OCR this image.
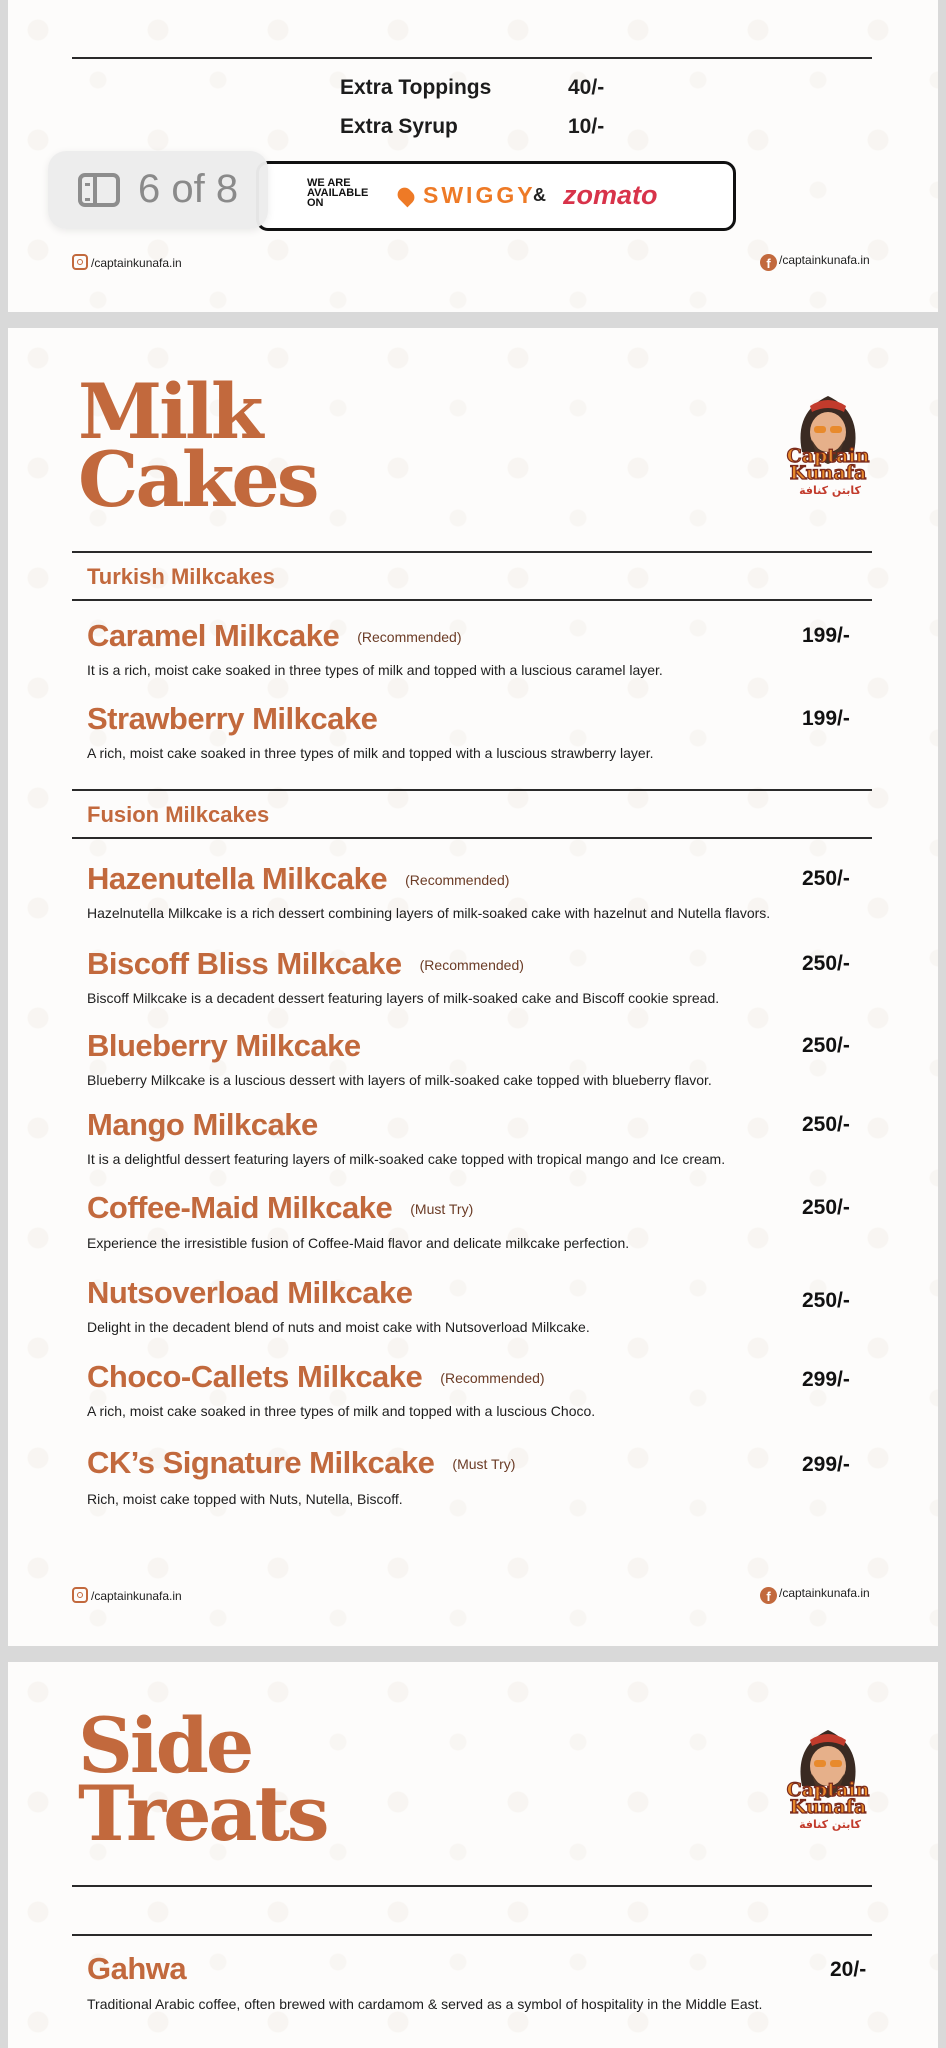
Extra Toppings	40/-
Extra Syrup	10/-
WE ARE
AVAILABLE
ON	SWIGGY
& zomato
/captainkunafa.in	f /captainkunafa.in
6 of 8
Milk
Cakes	Captain
Kunafa
كابتن كنافة
Turkish Milkcakes
Caramel Milkcake (Recommended)	199/-
It is a rich, moist cake soaked in three types of milk and topped with a luscious caramel layer.
Strawberry Milkcake	199/-
A rich, moist cake soaked in three types of milk and topped with a luscious strawberry layer.
Fusion Milkcakes
Hazenutella Milkcake (Recommended)	250/-
Hazelnutella Milkcake is a rich dessert combining layers of milk-soaked cake with hazelnut and Nutella flavors.
Biscoff Bliss Milkcake (Recommended)	250/-
Biscoff Milkcake is a decadent dessert featuring layers of milk-soaked cake and Biscoff cookie spread.
Blueberry Milkcake	250/-
Blueberry Milkcake is a luscious dessert with layers of milk-soaked cake topped with blueberry flavor.
Mango Milkcake	250/-
It is a delightful dessert featuring layers of milk-soaked cake topped with tropical mango and Ice cream.
Coffee-Maid Milkcake (Must Try)	250/-
Experience the irresistible fusion of Coffee-Maid flavor and delicate milkcake perfection.
Nutsoverload Milkcake	250/-
Delight in the decadent blend of nuts and moist cake with Nutsoverload Milkcake.
Choco-Callets Milkcake (Recommended)	299/-
A rich, moist cake soaked in three types of milk and topped with a luscious Choco.
CK’s Signature Milkcake (Must Try)	299/-
Rich, moist cake topped with Nuts, Nutella, Biscoff.
/captainkunafa.in	f /captainkunafa.in
Side
Treats	Captain
Kunafa
كابتن كنافة
Gahwa	20/-
Traditional Arabic coffee, often brewed with cardamom & served as a symbol of hospitality in the Middle East.
